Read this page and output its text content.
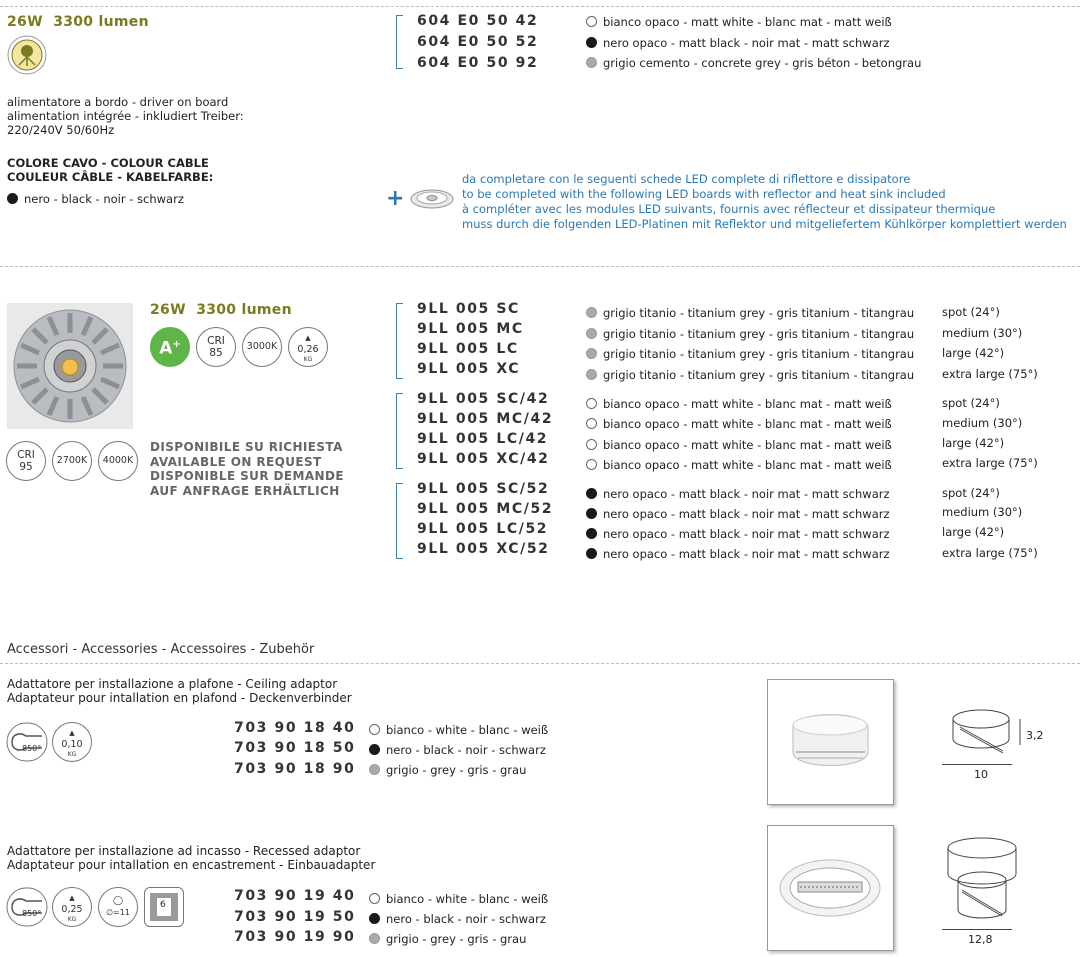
26W 3300 lumen
alimentatore a bordo - driver on board
alimentation intégrée - inkludiert Treiber:
220/240V 50/60Hz
COLORE CAVO - COLOUR CABLE
COULEUR CÂBLE - KABELFARBE:
nero - black - noir - schwarz
604 E0 50 42
604 E0 50 52
604 E0 50 92
bianco opaco - matt white - blanc mat - matt weiß
nero opaco - matt black - noir mat - matt schwarz
grigio cemento - concrete grey - gris béton - betongrau
+
da completare con le seguenti schede LED complete di riflettore e dissipatore
to be completed with the following LED boards with reflector and heat sink included
à compléter avec les modules LED suivants, fournis avec réflecteur et dissipateur thermique
muss durch die folgenden LED-Platinen mit Reflektor und mitgeliefertem Kühlkörper komplettiert werden
26W 3300 lumen
A+	CRI
85
3000K
▲
0,26
KG
CRI
95
2700K 4000K
DISPONIBILE SU RICHIESTA
AVAILABLE ON REQUEST
DISPONIBLE SUR DEMANDE
AUF ANFRAGE ERHÄLTLICH
9LL 005 SC
9LL 005 MC
9LL 005 LC
9LL 005 XC
grigio titanio - titanium grey - gris titanium - titangrau
grigio titanio - titanium grey - gris titanium - titangrau
grigio titanio - titanium grey - gris titanium - titangrau
grigio titanio - titanium grey - gris titanium - titangrau
spot (24°)
medium (30°)
large (42°)
extra large (75°)
9LL 005 SC/42
9LL 005 MC/42
9LL 005 LC/42
9LL 005 XC/42
bianco opaco - matt white - blanc mat - matt weiß
bianco opaco - matt white - blanc mat - matt weiß
bianco opaco - matt white - blanc mat - matt weiß
bianco opaco - matt white - blanc mat - matt weiß
spot (24°)
medium (30°)
large (42°)
extra large (75°)
9LL 005 SC/52
9LL 005 MC/52
9LL 005 LC/52
9LL 005 XC/52
nero opaco - matt black - noir mat - matt schwarz
nero opaco - matt black - noir mat - matt schwarz
nero opaco - matt black - noir mat - matt schwarz
nero opaco - matt black - noir mat - matt schwarz
spot (24°)
medium (30°)
large (42°)
extra large (75°)
Accessori - Accessories - Accessoires - Zubehör
Adattatore per installazione a plafone - Ceiling adaptor
Adaptateur pour intallation en plafond - Deckenverbinder
850°
▲
0,10
KG
703 90 18 40
703 90 18 50
703 90 18 90
bianco - white - blanc - weiß
nero - black - noir - schwarz
grigio - grey - gris - grau
3,2
10
Adattatore per installazione ad incasso - Recessed adaptor
Adaptateur pour intallation en encastrement - Einbauadapter
850°
▲
0,25
KG
◯
∅=11
6
703 90 19 40
703 90 19 50
703 90 19 90
bianco - white - blanc - weiß
nero - black - noir - schwarz
grigio - grey - gris - grau	12,8
